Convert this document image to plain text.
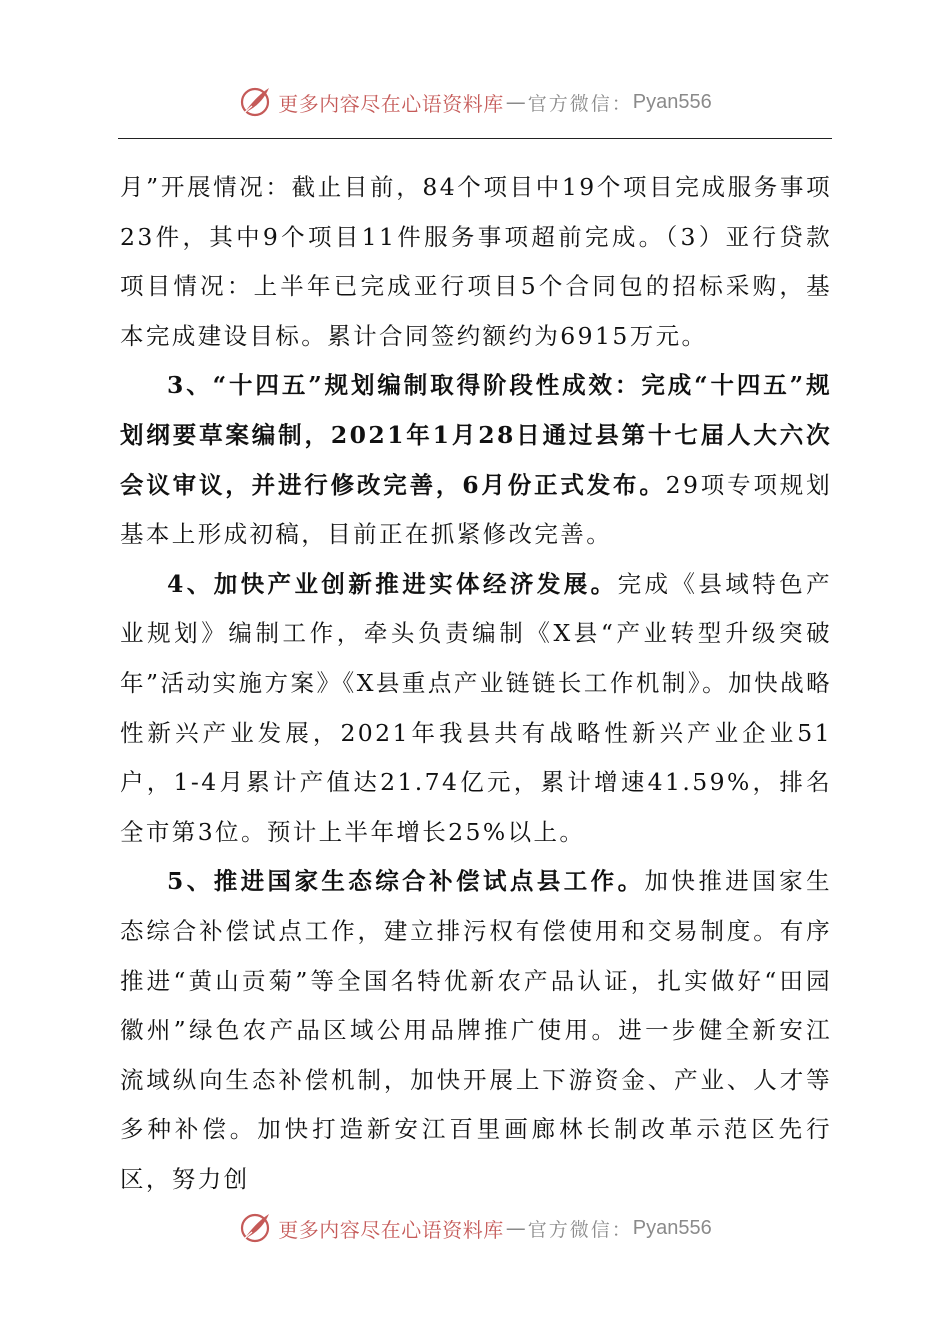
更多内容尽在心语资料库 — 官方微信： Pyan556

月”开展情况：截止目前，84个项目中19个项目完成服务事项23件，其中9个项目11件服务事项超前完成。（3）亚行贷款项目情况：上半年已完成亚行项目5个合同包的招标采购，基本完成建设目标。累计合同签约额约为6915万元。

3、“十四五”规划编制取得阶段性成效：完成“十四五”规划纲要草案编制，2021年1月28日通过县第十七届人大六次会议审议，并进行修改完善，6月份正式发布。29项专项规划基本上形成初稿，目前正在抓紧修改完善。

4、加快产业创新推进实体经济发展。完成《县域特色产业规划》编制工作，牵头负责编制《X县“产业转型升级突破年”活动实施方案》《X县重点产业链链长工作机制》。加快战略性新兴产业发展，2021年我县共有战略性新兴产业企业51户，1-4月累计产值达21.74亿元，累计增速41.59%，排名全市第3位。预计上半年增长25%以上。

5、推进国家生态综合补偿试点县工作。加快推进国家生态综合补偿试点工作，建立排污权有偿使用和交易制度。有序推进“黄山贡菊”等全国名特优新农产品认证，扎实做好“田园徽州”绿色农产品区域公用品牌推广使用。进一步健全新安江流域纵向生态补偿机制，加快开展上下游资金、产业、人才等多种补偿。加快打造新安江百里画廊林长制改革示范区先行区，努力创

更多内容尽在心语资料库 — 官方微信： Pyan556
